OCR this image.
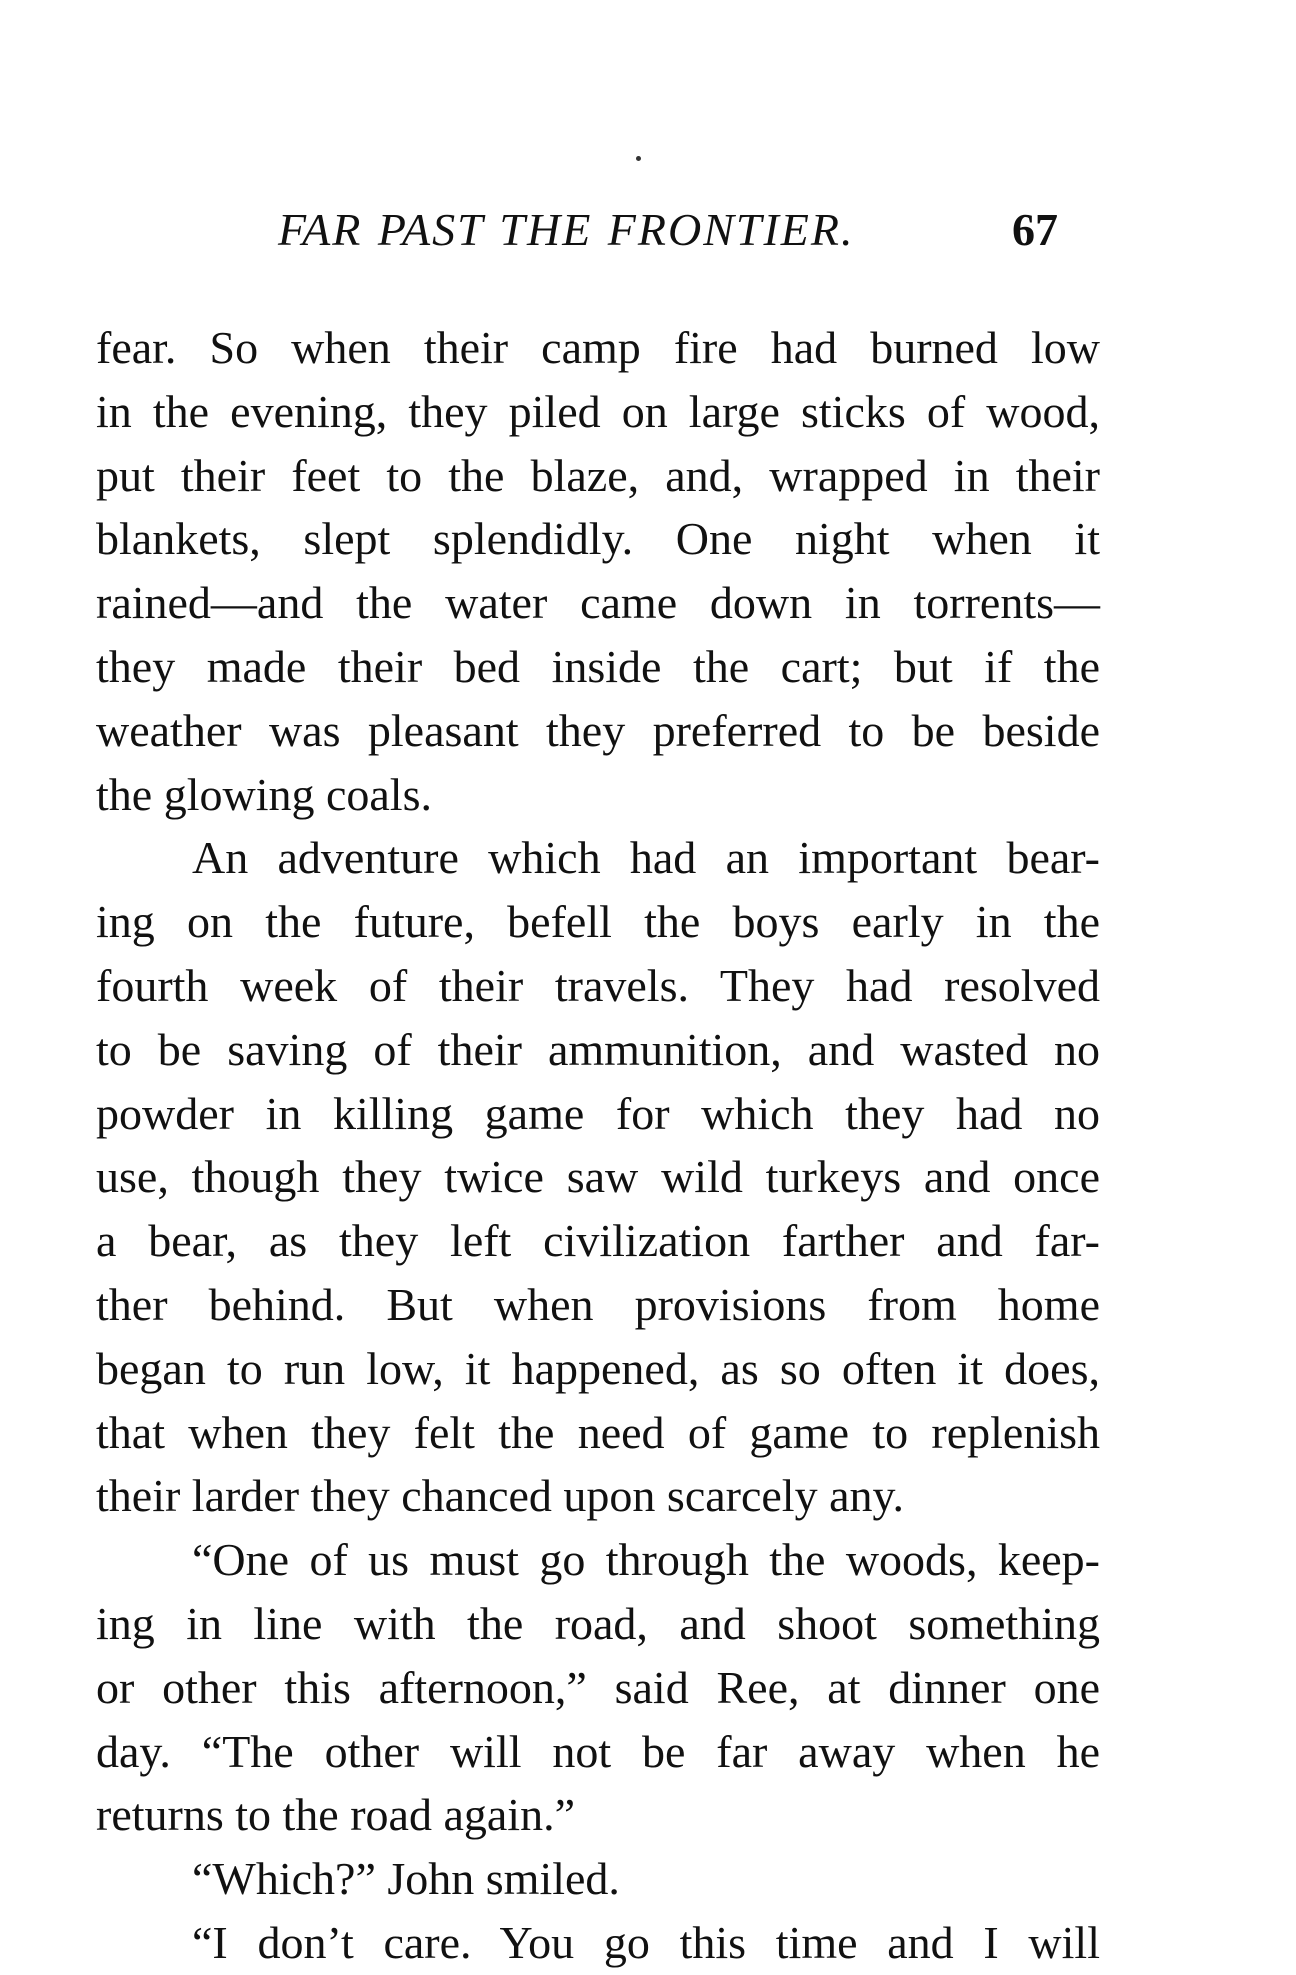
FAR PAST THE FRONTIER.	67
fear. So when their camp fire had burned low
in the evening, they piled on large sticks of wood,
put their feet to the blaze, and, wrapped in their
blankets, slept splendidly. One night when it
rained—and the water came down in torrents—
they made their bed inside the cart; but if the
weather was pleasant they preferred to be beside
the glowing coals.
An adventure which had an important bear-
ing on the future, befell the boys early in the
fourth week of their travels. They had resolved
to be saving of their ammunition, and wasted no
powder in killing game for which they had no
use, though they twice saw wild turkeys and once
a bear, as they left civilization farther and far-
ther behind. But when provisions from home
began to run low, it happened, as so often it does,
that when they felt the need of game to replenish
their larder they chanced upon scarcely any.
“One of us must go through the woods, keep-
ing in line with the road, and shoot something
or other this afternoon,” said Ree, at dinner one
day. “The other will not be far away when he
returns to the road again.”
“Which?” John smiled.
“I don’t care. You go this time and I will
